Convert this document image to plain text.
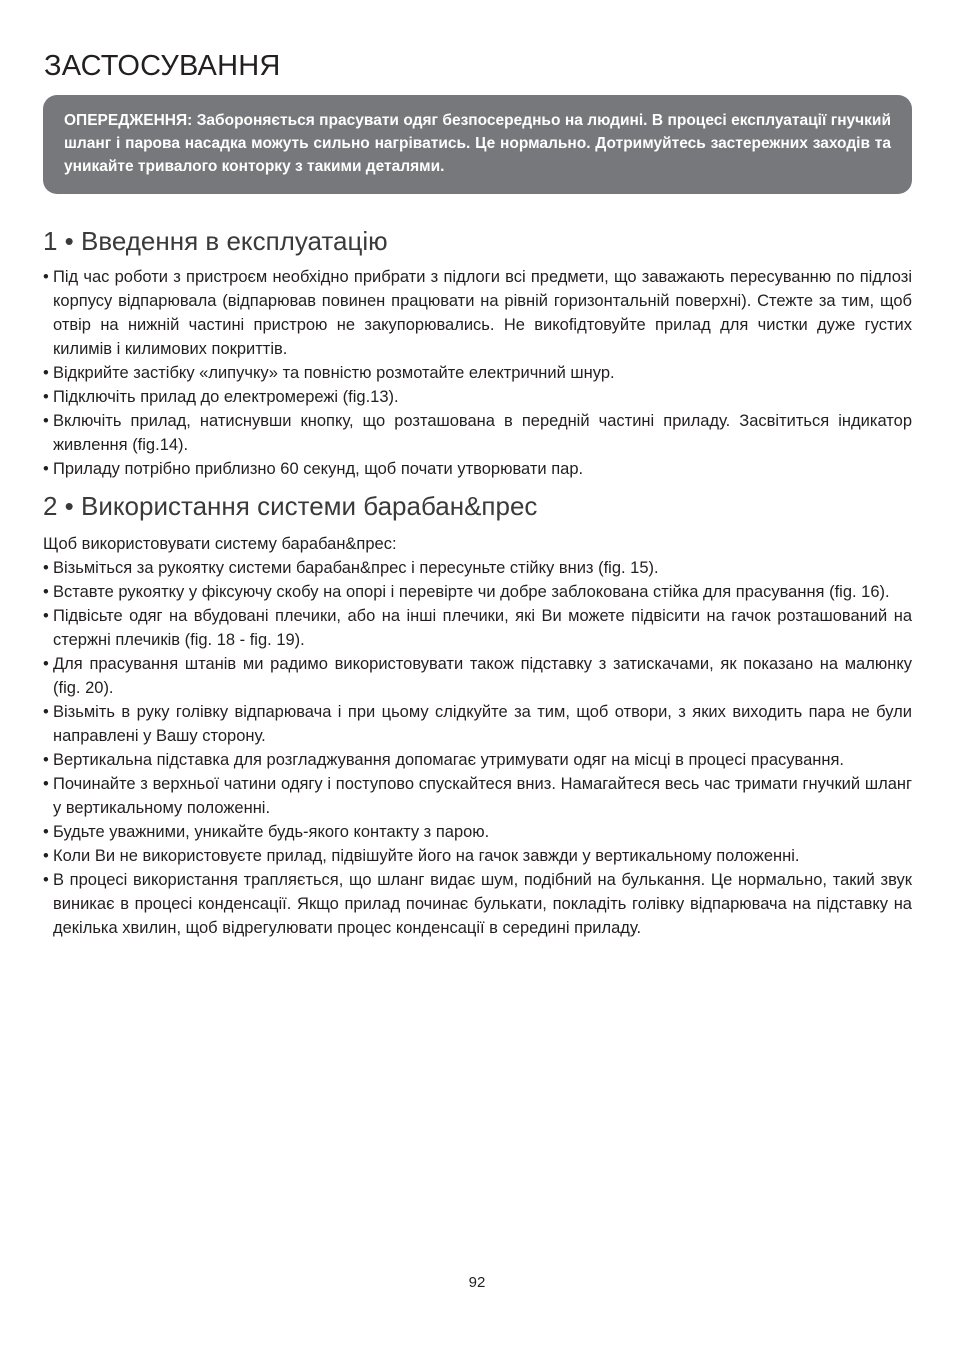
ЗАСТОСУВАННЯ

ОПЕРЕДЖЕННЯ: Забороняється прасувати одяг безпосередньо на людині. В процесі експлуатації гнучкий шланг і парова насадка можуть сильно нагріватись. Це нормально. Дотримуйтесь застережних заходів та уникайте тривалого конторку з такими деталями.

1 • Введення в експлуатацію
• Під час роботи з пристроєм необхідно прибрати з підлоги всі предмети, що заважають пересуванню по підлозі корпусу відпарювала (відпарював повинен працювати на рівній горизонтальній поверхні). Стежте за тим, щоб отвір на нижній частині пристрою не закупорювались. Не викоfiдтовуйте прилад для чистки дуже густих килимів і килимових покриттів.
• Відкрийте застібку «липучку» та повністю розмотайте електричний шнур.
• Підключіть прилад до електромережі (fig.13).
• Включіть прилад, натиснувши кнопку, що розташована в передній частині приладу. Засвітиться індикатор живлення (fig.14).
• Приладу потрібно приблизно 60 секунд, щоб почати утворювати пар.
2 • Використання системи барабан&прес

Щоб використовувати систему барабан&прес:

• Візьміться за рукоятку системи барабан&прес і пересуньте стійку вниз (fig. 15).
• Вставте рукоятку у фіксуючу скобу на опорі і перевірте чи добре заблокована стійка для прасування (fig. 16).
• Підвісьте одяг на вбудовані плечики, або на інші плечики, які Ви можете підвісити на гачок розташований на стержні плечиків (fig. 18 - fig. 19).
• Для прасування штанів ми радимо використовувати також підставку з затискачами, як показано на малюнку (fig. 20).
• Візьміть в руку голівку відпарювача і при цьому слідкуйте за тим, щоб отвори, з яких виходить пара не були направлені у Вашу сторону.
• Вертикальна підставка для розгладжування допомагає утримувати одяг на місці в процесі прасування.
• Починайте з верхньої чатини одягу і поступово спускайтеся вниз. Намагайтеся весь час тримати гнучкий шланг у вертикальному положенні.
• Будьте уважними, уникайте будь-якого контакту з парою.
• Коли Ви не використовуєте прилад, підвішуйте його на гачок завжди у вертикальному положенні.
• В процесі використання трапляється, що шланг видає шум, подібний на булькання. Це нормально, такий звук виникає в процесі конденсації. Якщо прилад починає булькати, покладіть голівку відпарювача на підставку на декілька хвилин, щоб відрегулювати процес конденсації в середині приладу.
92
